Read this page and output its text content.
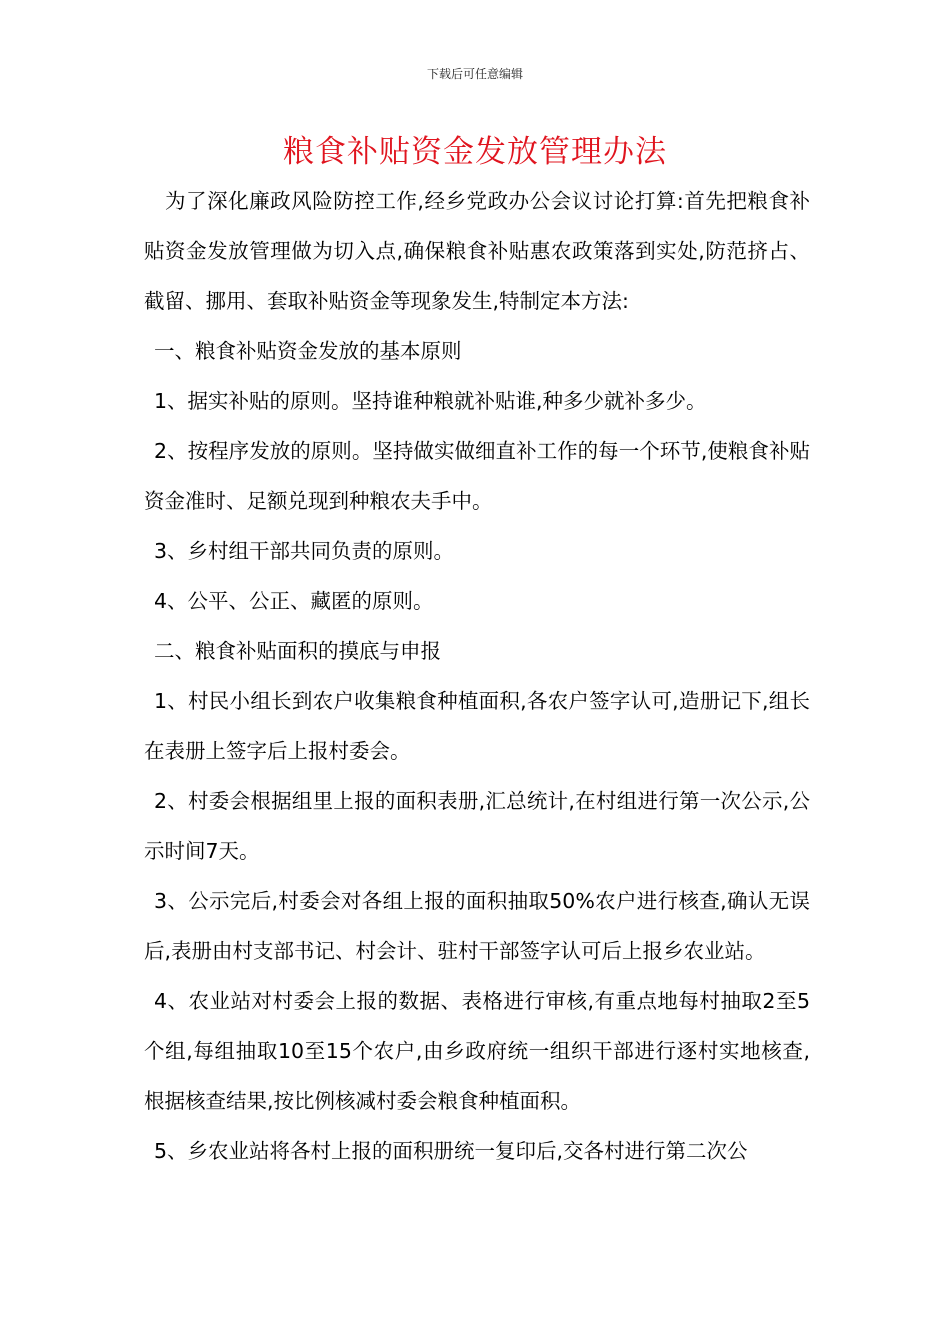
下载后可任意编辑
粮食补贴资金发放管理办法

为了深化廉政风险防控工作,经乡党政办公会议讨论打算:首先把粮食补贴资金发放管理做为切入点,确保粮食补贴惠农政策落到实处,防范挤占、截留、挪用、套取补贴资金等现象发生,特制定本方法:

一、粮食补贴资金发放的基本原则

1、据实补贴的原则。坚持谁种粮就补贴谁,种多少就补多少。

2、按程序发放的原则。坚持做实做细直补工作的每一个环节,使粮食补贴资金准时、足额兑现到种粮农夫手中。

3、乡村组干部共同负责的原则。

4、公平、公正、藏匿的原则。

二、粮食补贴面积的摸底与申报

1、村民小组长到农户收集粮食种植面积,各农户签字认可,造册记下,组长在表册上签字后上报村委会。

2、村委会根据组里上报的面积表册,汇总统计,在村组进行第一次公示,公示时间7天。

3、公示完后,村委会对各组上报的面积抽取50%农户进行核查,确认无误后,表册由村支部书记、村会计、驻村干部签字认可后上报乡农业站。

4、农业站对村委会上报的数据、表格进行审核,有重点地每村抽取2至5个组,每组抽取10至15个农户,由乡政府统一组织干部进行逐村实地核查,根据核查结果,按比例核减村委会粮食种植面积。

5、乡农业站将各村上报的面积册统一复印后,交各村进行第二次公
